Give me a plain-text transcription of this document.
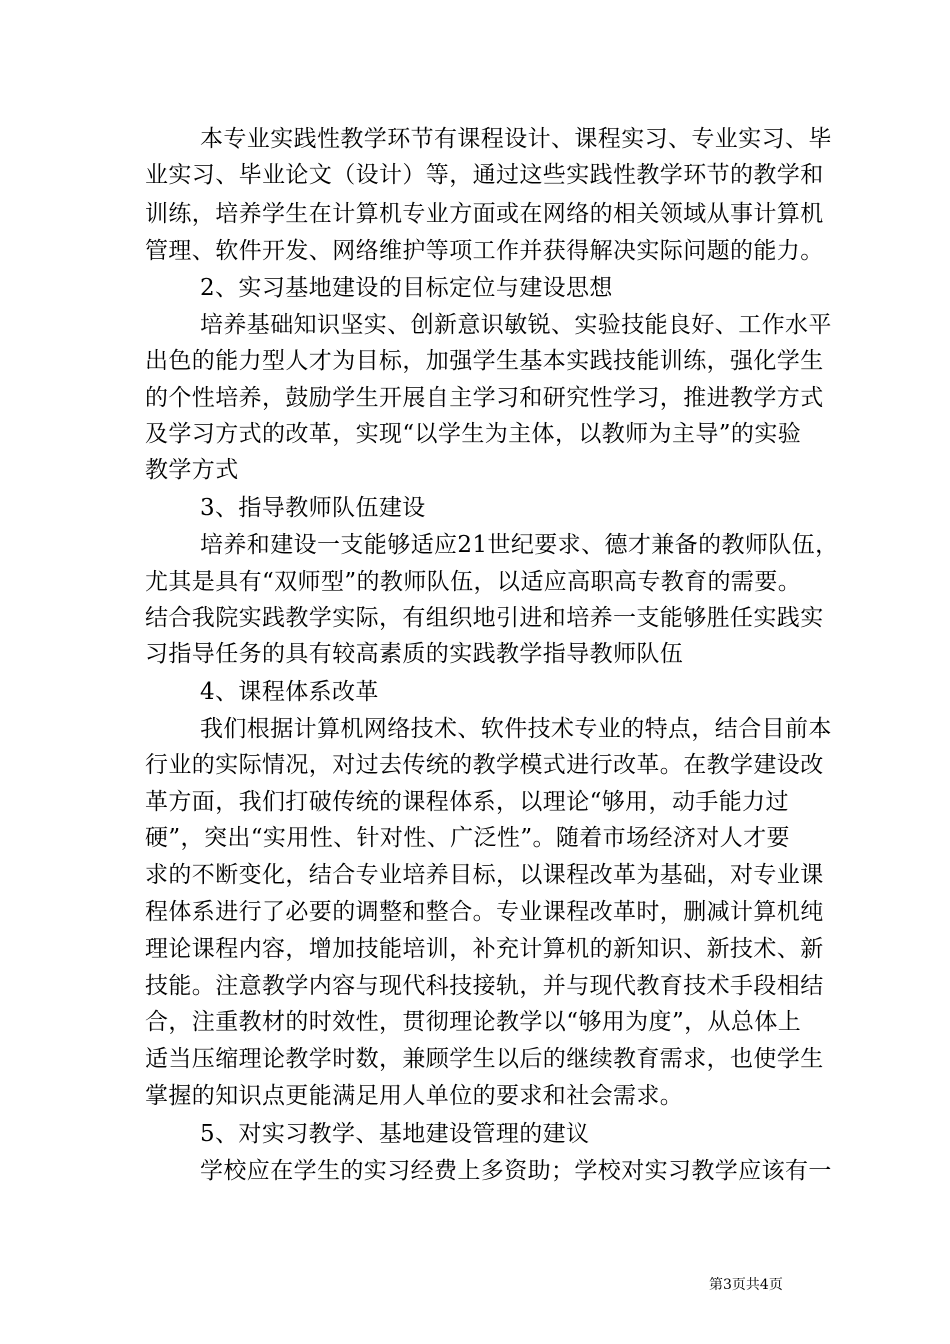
本专业实践性教学环节有课程设计、课程实习、专业实习、毕
业实习、毕业论文（设计）等，通过这些实践性教学环节的教学和
训练，培养学生在计算机专业方面或在网络的相关领域从事计算机
管理、软件开发、网络维护等项工作并获得解决实际问题的能力。
2、实习基地建设的目标定位与建设思想
培养基础知识坚实、创新意识敏锐、实验技能良好、工作水平
出色的能力型人才为目标，加强学生基本实践技能训练，强化学生
的个性培养，鼓励学生开展自主学习和研究性学习，推进教学方式
及学习方式的改革，实现“以学生为主体，以教师为主导”的实验
教学方式
3、指导教师队伍建设
培养和建设一支能够适应21世纪要求、德才兼备的教师队伍，
尤其是具有“双师型”的教师队伍，以适应高职高专教育的需要。
结合我院实践教学实际，有组织地引进和培养一支能够胜任实践实
习指导任务的具有较高素质的实践教学指导教师队伍
4、课程体系改革
我们根据计算机网络技术、软件技术专业的特点，结合目前本
行业的实际情况，对过去传统的教学模式进行改革。在教学建设改
革方面，我们打破传统的课程体系，以理论“够用，动手能力过
硬”，突出“实用性、针对性、广泛性”。随着市场经济对人才要
求的不断变化，结合专业培养目标，以课程改革为基础，对专业课
程体系进行了必要的调整和整合。专业课程改革时，删减计算机纯
理论课程内容，增加技能培训，补充计算机的新知识、新技术、新
技能。注意教学内容与现代科技接轨，并与现代教育技术手段相结
合，注重教材的时效性，贯彻理论教学以“够用为度”，从总体上
适当压缩理论教学时数，兼顾学生以后的继续教育需求，也使学生
掌握的知识点更能满足用人单位的要求和社会需求。
5、对实习教学、基地建设管理的建议
学校应在学生的实习经费上多资助；学校对实习教学应该有一
第3页共4页
